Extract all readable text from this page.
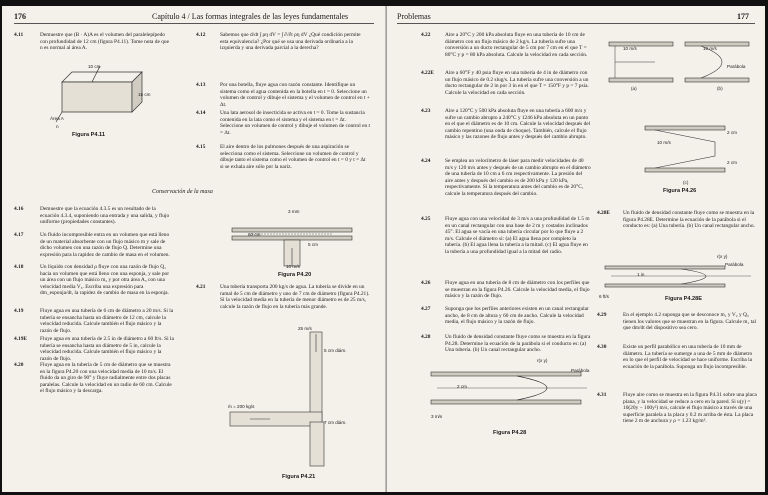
176	Capítulo 4 / Las formas integrales de las leyes fundamentales
4.11	Demuestre que (B · A)A es el volumen del paralelepípedo con profundidad de 12 cm (figura P4.11). Tome nota de que n es normal al área A.
10 cm
15 cm
Área A
n
Figura P4.11
4.12	Sabemos que d/dt ∫ ρη dV = ∫ ∂/∂t ρη dV ¿Qué condición permite esta equivalencia? ¿Por qué se usa una derivada ordinaria a la izquierda y una derivada parcial a la derecha?
4.13	Por una botella, fluye agua con razón constante. Identifique un sistema como el agua contenida en la botella en t = 0. Seleccione un volumen de control y dibuje el sistema y el volumen de control en t + Δt.
4.14	Una lata aerosol de insecticida se activa en t = 0. Tome la sustancia contenida en la lata como el sistema y el sistema en t = Δt. Seleccione un volumen de control y dibuje el volumen de control en t = Δt.
4.15	El aire dentro de los pulmones después de una aspiración se selecciona como el sistema. Seleccione un volumen de control y dibuje tanto el sistema como el volumen de control en t = 0 y t = Δt si se exhala aire sólo por la nariz.
Conservación de la masa
4.16	Demuestre que la ecuación 4.3.5 es un resultado de la ecuación 4.3.4, suponiendo una entrada y una salida, y flujo uniforme (propiedades constantes).
4.17	Un fluido incompresible entra en un volumen que está lleno de un material absorbente con un flujo másico m y sale de dicho volumen con una razón de flujo Q. Determine una expresión para la rapidez de cambio de masa en el volumen.
4.18	Un líquido con densidad ρ fluye con una razón de flujo Q₁ hacia un volumen que está lleno con una esponja, y sale por un área con un flujo másico m₂ y por otra área A₃ con una velocidad media V₃. Escriba una expresión para dm_esponja/dt, la rapidez de cambio de masa en la esponja.
4.19	Fluye agua en una tubería de 6 cm de diámetro a 20 m/s. Si la tubería se ensancha hasta un diámetro de 12 cm, calcule la velocidad reducida. Calcule también el flujo másico y la razón de flujo.
4.19E Fluye agua en una tubería de 2.5 in de diámetro a 60 ft/s. Si la tubería se ensancha hasta un diámetro de 5 in, calcule la velocidad reducida. Calcule también el flujo másico y la razón de flujo.
4.20	Fluye agua en la tubería de 5 cm de diámetro que se muestra en la figura P4.20 con una velocidad media de 10 m/s. El fluido da un giro de 90° y fluye radialmente entre dos placas paralelas. Calcule la velocidad en un radio de 60 cm. Calcule el flujo másico y la descarga.
3 mm
60 cm
5 cm
10 m/s
Figura P4.20
4.21	Una tubería transporta 200 kg/s de agua. La tubería se divide en un ramal de 5 cm de diámetro y uno de 7 cm de diámetro (figura P4.21). Si la velocidad media en la tubería de menor diámetro es de 25 m/s, calcule la razón de flujo en la tubería más grande.
25 m/s
5 cm diám.
ṁ = 200 kg/s
7 cm diám.
Figura P4.21
Problemas	177
4.22	Aire a 20°C y 200 kPa absoluta fluye en una tubería de 10 cm de diámetro con un flujo másico de 2 kg/s. La tubería sufre una conversión a un ducto rectangular de 5 cm por 7 cm en el que T = 80°C y p = 80 kPa absoluta. Calcule la velocidad en cada sección.
4.22E Aire a 60°F y 40 psia fluye en una tubería de 4 in de diámetro con un flujo másico de 0.2 slug/s. La tubería sufre una conversión a un ducto rectangular de 2 in por 3 in en el que T = 150°F y p = 7 psia. Calcule la velocidad en cada sección.
4.23	Aire a 120°C y 500 kPa absoluta fluye en una tubería a 600 m/s y sufre un cambio abrupto a 240°C y 1246 kPa absoluta en un punto en el que el diámetro es de 10 cm. Calcule la velocidad después del cambio repentino (una onda de choque). También, calcule el flujo másico y las razones de flujo antes y después del cambio abrupto.
4.24	Se emplea un velocímetro de láser para medir velocidades de 40 m/s y 120 m/s antes y después de un cambio abrupto en el diámetro de una tubería de 10 cm a 6 cm respectivamente. La presión del aire antes y después del cambio es de 200 kPa y 120 kPa, respectivamente. Si la temperatura antes del cambio es de 20°C, calcule la temperatura después del cambio.
4.25	Fluye agua con una velocidad de 3 m/s a una profundidad de 1.5 m en un canal rectangular con una base de 2 m y costados inclinados 45°. El agua se vacía en una tubería circular por lo que fluye a 2 m/s. Calcule el diámetro si: (a) El agua llena por completo la tubería. (b) El agua llena la tubería a la mitad. (c) El agua fluye en la tubería a una profundidad igual a la mitad del radio.
4.26	Fluye agua en una tubería de 8 cm de diámetro con los perfiles que se muestran en la figura P4.26. Calcule la velocidad media, el flujo másico y la razón de flujo.
4.27	Suponga que los perfiles anteriores existen en un canal rectangular ancho, de 8 cm de altura y 60 cm de ancho. Calcule la velocidad media, el flujo másico y la razón de flujo.
4.28	Un fluido de densidad constante fluye como se muestra en la figura P4.28. Determine la ecuación de la parábola si el conducto es: (a) Una tubería. (b) Un canal rectangular ancho.
r(x y)
Parábola
2 cm
3 m/s
Figura P4.28
10 m/s	10 m/s
Parábola
(a)	(b)
10 m/s
2 cm
2 cm
(c)
Figura P4.26
4.28E Un fluido de densidad constante fluye como se muestra en la figura P4.28E. Determine la ecuación de la parábola si el conducto es: (a) Una tubería. (b) Un canal rectangular ancho.
r(x y)
Parábola
1 in
6 ft/s	Figura P4.28E
4.29	En el ejemplo 4.2 suponga que se desconoce m₁ y V₂ y Q₃ tienen los valores que se muestran en la figura. Calcule m₁ tal que dm/dt del dispositivo sea cero.
4.30	Existe un perfil parabólico en una tubería de 10 mm de diámetro. La tubería se sumerge a una de 5 mm de diámetro en lo que el perfil de velocidad se hace uniforme. Escriba la ecuación de la parábola. Suponga un flujo incompresible.
4.31	Fluye aire como se muestra en la figura P4.31 sobre una placa plana, y la velocidad se reduce a cero en la pared. Si u(y) = 10(20y − 100y²) m/s, calcule el flujo másico a través de una superficie paralela a la placa y 0.2 m arriba de ésta. La placa tiene 2 m de anchura y ρ = 1.23 kg/m³.
